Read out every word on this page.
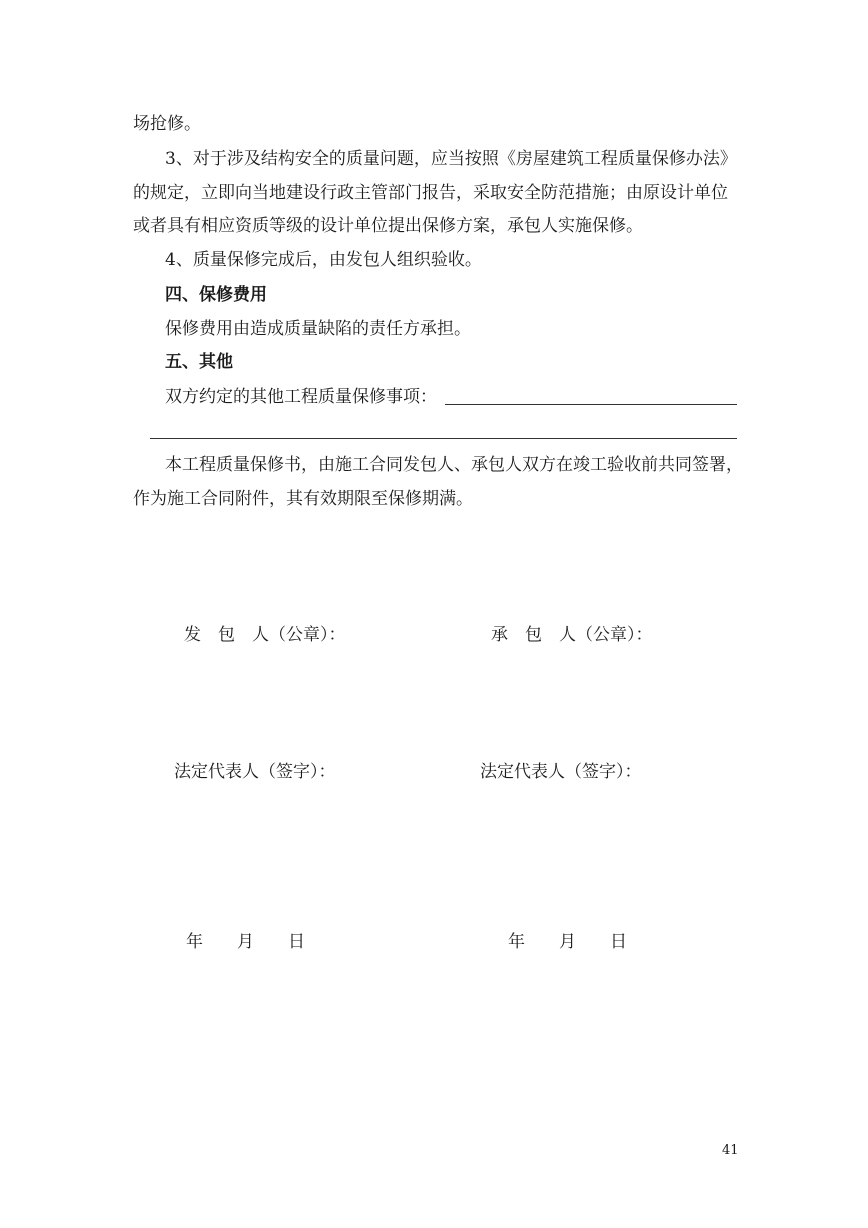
场抢修。
3、对于涉及结构安全的质量问题，应当按照《房屋建筑工程质量保修办法》
的规定，立即向当地建设行政主管部门报告，采取安全防范措施；由原设计单位
或者具有相应资质等级的设计单位提出保修方案，承包人实施保修。
4、质量保修完成后，由发包人组织验收。
四、保修费用
保修费用由造成质量缺陷的责任方承担。
五、其他
双方约定的其他工程质量保修事项：
本工程质量保修书，由施工合同发包人、承包人双方在竣工验收前共同签署，
作为施工合同附件，其有效期限至保修期满。
发　包　人（公章）：	承　包　人（公章）：
法定代表人（签字）：	法定代表人（签字）：
年　　月　　日	年　　月　　日
41
